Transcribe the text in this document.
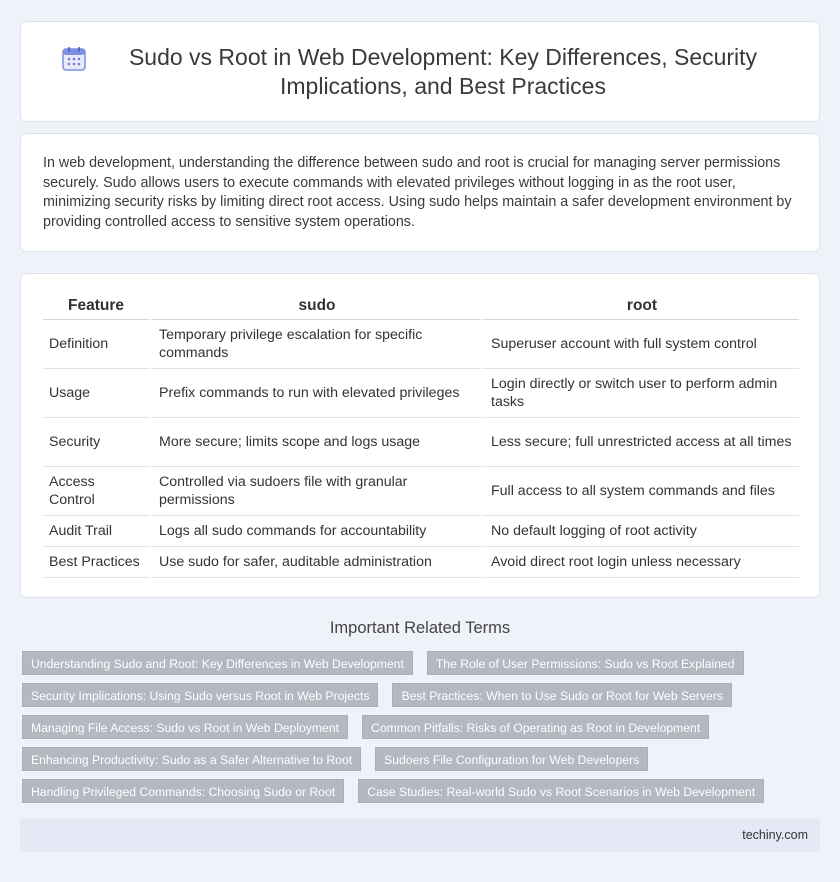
Sudo vs Root in Web Development: Key Differences, Security Implications, and Best Practices

In web development, understanding the difference between sudo and root is crucial for managing server permissions securely. Sudo allows users to execute commands with elevated privileges without logging in as the root user, minimizing security risks by limiting direct root access. Using sudo helps maintain a safer development environment by providing controlled access to sensitive system operations.

Feature	sudo	root
Definition	Temporary privilege escalation for specific commands	Superuser account with full system control
Usage	Prefix commands to run with elevated privileges	Login directly or switch user to perform admin tasks
Security	More secure; limits scope and logs usage	Less secure; full unrestricted access at all times
Access Control	Controlled via sudoers file with granular permissions	Full access to all system commands and files
Audit Trail	Logs all sudo commands for accountability	No default logging of root activity
Best Practices	Use sudo for safer, auditable administration	Avoid direct root login unless necessary
Important Related Terms
Understanding Sudo and Root: Key Differences in Web Development	The Role of User Permissions: Sudo vs Root Explained
Security Implications: Using Sudo versus Root in Web Projects	Best Practices: When to Use Sudo or Root for Web Servers
Managing File Access: Sudo vs Root in Web Deployment	Common Pitfalls: Risks of Operating as Root in Development
Enhancing Productivity: Sudo as a Safer Alternative to Root	Sudoers File Configuration for Web Developers
Handling Privileged Commands: Choosing Sudo or Root	Case Studies: Real-world Sudo vs Root Scenarios in Web Development
techiny.com
